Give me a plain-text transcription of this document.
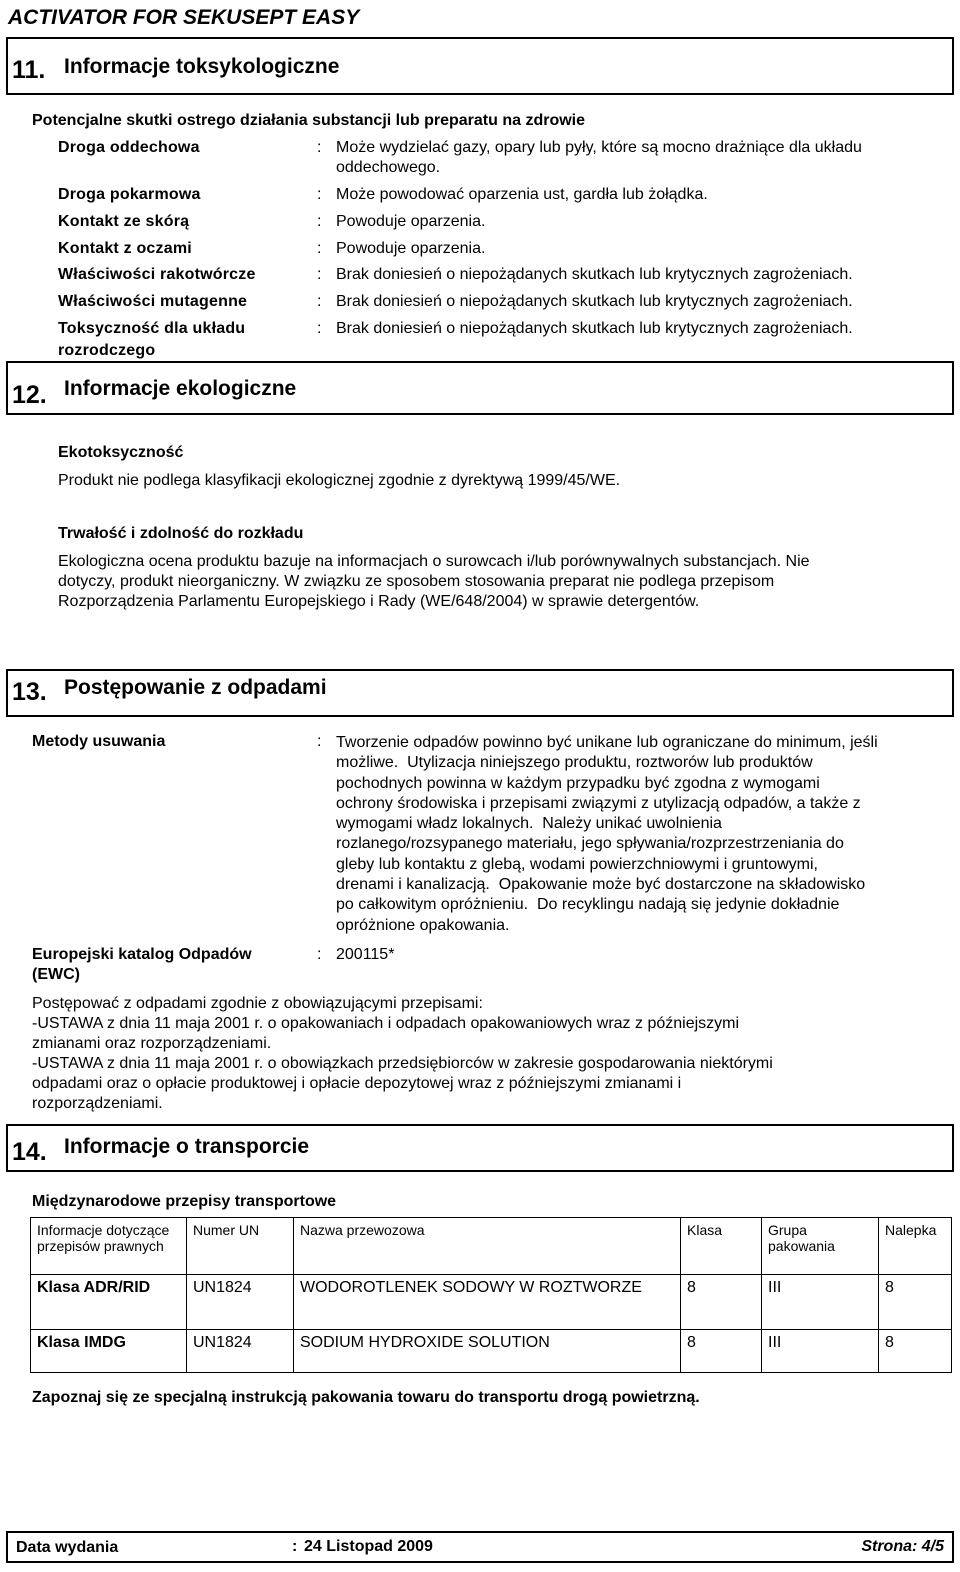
ACTIVATOR FOR SEKUSEPT EASY
11. Informacje toksykologiczne
Potencjalne skutki ostrego działania substancji lub preparatu na zdrowie
Droga oddechowa	: Może wydzielać gazy, opary lub pyły, które są mocno drażniące dla układu
oddechowego.
Droga pokarmowa	: Może powodować oparzenia ust, gardła lub żołądka.
Kontakt ze skórą	: Powoduje oparzenia.
Kontakt z oczami	: Powoduje oparzenia.
Właściwości rakotwórcze	: Brak doniesień o niepożądanych skutkach lub krytycznych zagrożeniach.
Właściwości mutagenne	: Brak doniesień o niepożądanych skutkach lub krytycznych zagrożeniach.
Toksyczność dla układu
rozrodczego
: Brak doniesień o niepożądanych skutkach lub krytycznych zagrożeniach.
12. Informacje ekologiczne
Ekotoksyczność
Produkt nie podlega klasyfikacji ekologicznej zgodnie z dyrektywą 1999/45/WE.
Trwałość i zdolność do rozkładu
Ekologiczna ocena produktu bazuje na informacjach o surowcach i/lub porównywalnych substancjach. Nie
dotyczy, produkt nieorganiczny. W związku ze sposobem stosowania preparat nie podlega przepisom
Rozporządzenia Parlamentu Europejskiego i Rady (WE/648/2004) w sprawie detergentów.
13. Postępowanie z odpadami
Metody usuwania	: Tworzenie odpadów powinno być unikane lub ograniczane do minimum, jeśli
możliwe.  Utylizacja niniejszego produktu, roztworów lub produktów
pochodnych powinna w każdym przypadku być zgodna z wymogami
ochrony środowiska i przepisami związymi z utylizacją odpadów, a także z
wymogami władz lokalnych.  Należy unikać uwolnienia
rozlanego/rozsypanego materiału, jego spływania/rozprzestrzeniania do
gleby lub kontaktu z glebą, wodami powierzchniowymi i gruntowymi,
drenami i kanalizacją.  Opakowanie może być dostarczone na składowisko
po całkowitym opróżnieniu.  Do recyklingu nadają się jedynie dokładnie
opróżnione opakowania.
Europejski katalog Odpadów
(EWC)
: 200115*
Postępować z odpadami zgodnie z obowiązującymi przepisami:
-USTAWA z dnia 11 maja 2001 r. o opakowaniach i odpadach opakowaniowych wraz z późniejszymi
zmianami oraz rozporządzeniami.
-USTAWA z dnia 11 maja 2001 r. o obowiązkach przedsiębiorców w zakresie gospodarowania niektórymi
odpadami oraz o opłacie produktowej i opłacie depozytowej wraz z późniejszymi zmianami i
rozporządzeniami.
14. Informacje o transporcie
Międzynarodowe przepisy transportowe
Informacje dotyczące przepisów prawnych	Numer UN	Nazwa przewozowa	Klasa	Grupa pakowania	Nalepka
Klasa ADR/RID	UN1824	WODOROTLENEK SODOWY W ROZTWORZE	8	III	8
Klasa IMDG	UN1824	SODIUM HYDROXIDE SOLUTION	8	III	8
Zapoznaj się ze specjalną instrukcją pakowania towaru do transportu drogą powietrzną.
Data wydania	: 24 Listopad 2009	Strona: 4/5
